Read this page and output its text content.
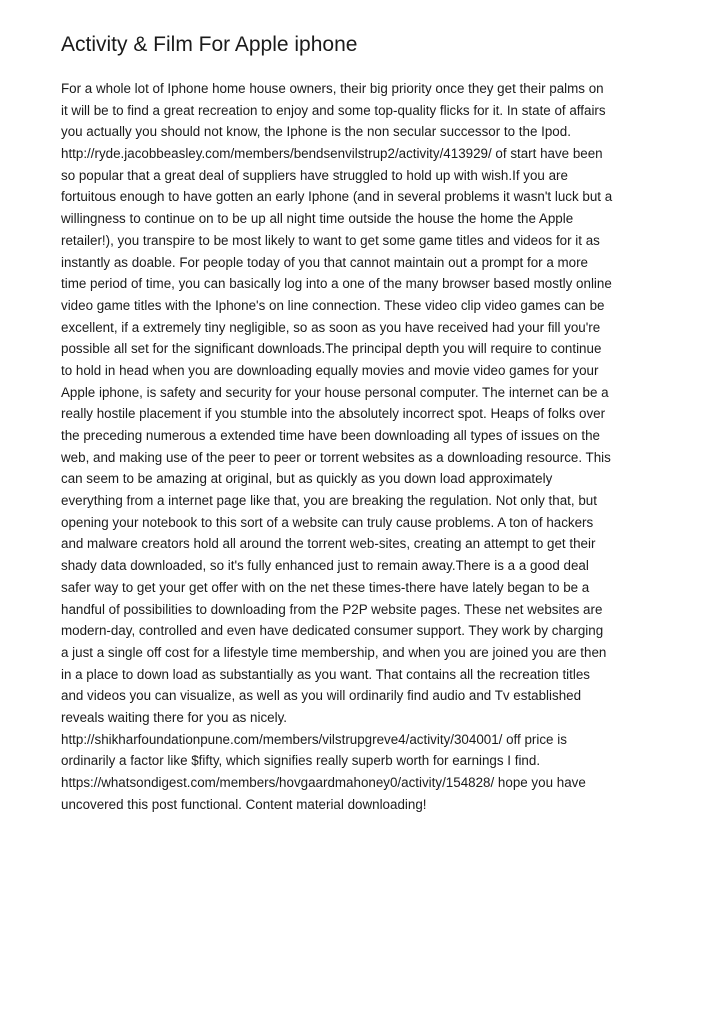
Activity & Film For Apple iphone
For a whole lot of Iphone home house owners, their big priority once they get their palms on
it will be to find a great recreation to enjoy and some top-quality flicks for it. In state of affairs
you actually you should not know, the Iphone is the non secular successor to the Ipod.
http://ryde.jacobbeasley.com/members/bendsenvilstrup2/activity/413929/ of start have been
so popular that a great deal of suppliers have struggled to hold up with wish.If you are
fortuitous enough to have gotten an early Iphone (and in several problems it wasn't luck but a
willingness to continue on to be up all night time outside the house the home the Apple
retailer!), you transpire to be most likely to want to get some game titles and videos for it as
instantly as doable. For people today of you that cannot maintain out a prompt for a more
time period of time, you can basically log into a one of the many browser based mostly online
video game titles with the Iphone's on line connection. These video clip video games can be
excellent, if a extremely tiny negligible, so as soon as you have received had your fill you're
possible all set for the significant downloads.The principal depth you will require to continue
to hold in head when you are downloading equally movies and movie video games for your
Apple iphone, is safety and security for your house personal computer. The internet can be a
really hostile placement if you stumble into the absolutely incorrect spot. Heaps of folks over
the preceding numerous a extended time have been downloading all types of issues on the
web, and making use of the peer to peer or torrent websites as a downloading resource. This
can seem to be amazing at original, but as quickly as you down load approximately
everything from a internet page like that, you are breaking the regulation. Not only that, but
opening your notebook to this sort of a website can truly cause problems. A ton of hackers
and malware creators hold all around the torrent web-sites, creating an attempt to get their
shady data downloaded, so it's fully enhanced just to remain away.There is a a good deal
safer way to get your get offer with on the net these times-there have lately began to be a
handful of possibilities to downloading from the P2P website pages. These net websites are
modern-day, controlled and even have dedicated consumer support. They work by charging
a just a single off cost for a lifestyle time membership, and when you are joined you are then
in a place to down load as substantially as you want. That contains all the recreation titles
and videos you can visualize, as well as you will ordinarily find audio and Tv established
reveals waiting there for you as nicely.
http://shikharfoundationpune.com/members/vilstrupgreve4/activity/304001/ off price is
ordinarily a factor like $fifty, which signifies really superb worth for earnings I find.
https://whatsondigest.com/members/hovgaardmahoney0/activity/154828/ hope you have
uncovered this post functional. Content material downloading!
